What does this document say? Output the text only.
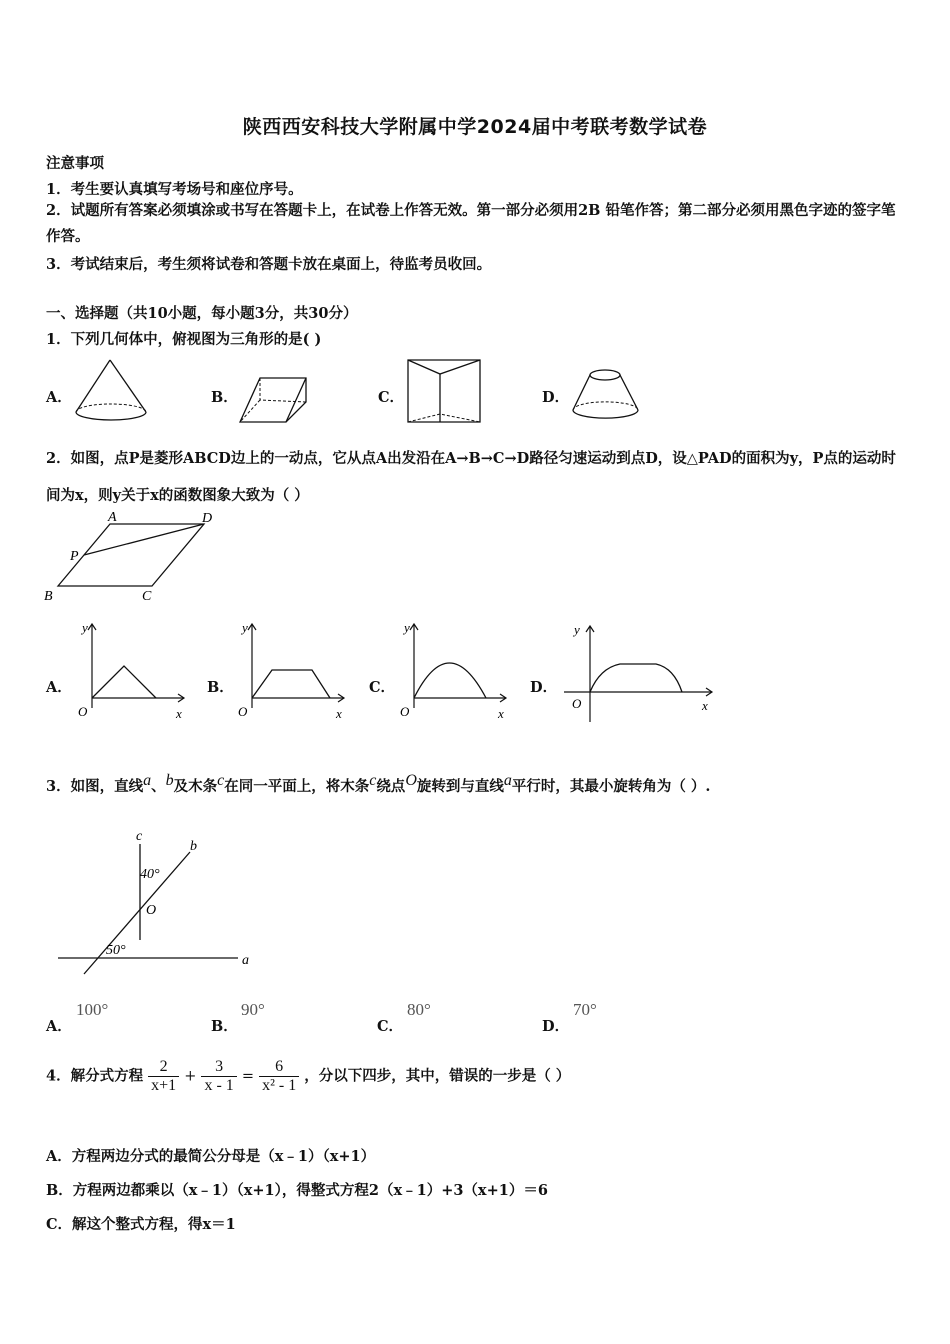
陕西西安科技大学附属中学2024届中考联考数学试卷
注意事项
1．考生要认真填写考场号和座位序号。
2．试题所有答案必须填涂或书写在答题卡上，在试卷上作答无效。第一部分必须用2B 铅笔作答；第二部分必须用黑色字迹的签字笔作答。
3．考试结束后，考生须将试卷和答题卡放在桌面上，待监考员收回。
一、选择题（共10小题，每小题3分，共30分）
1．下列几何体中，俯视图为三角形的是( )
A．	B．	C．	D．
2．如图，点P是菱形ABCD边上的一动点，它从点A出发沿在A→B→C→D路径匀速运动到点D，设△PAD的面积为y，P点的运动时间为x，则y关于x的函数图象大致为（ ）
A	D
P
B	C
A．
y
O	x
B．
y
O	x
C．
y
O	x
D．
y
O	x
3．如图，直线$^a$、$^b$及木条$^c$在同一平面上，将木条$^c$绕点$^O$旋转到与直线$^a$平行时，其最小旋转角为（ ）.
c
b
40°
O
50°
a
A．
100°
B．
90°
C．
80°
D．
70°
4．解分式方程 $\frac{2}{x+1} + \frac{3}{x - 1} = \frac{6}{\text{x² - 1}}$ ，分以下四步，其中，错误的一步是（ ）
A．方程两边分式的最简公分母是（x﹣1）（x+1）
B．方程两边都乘以（x﹣1）（x+1），得整式方程2（x﹣1）+3（x+1）＝6
C．解这个整式方程，得x＝1
